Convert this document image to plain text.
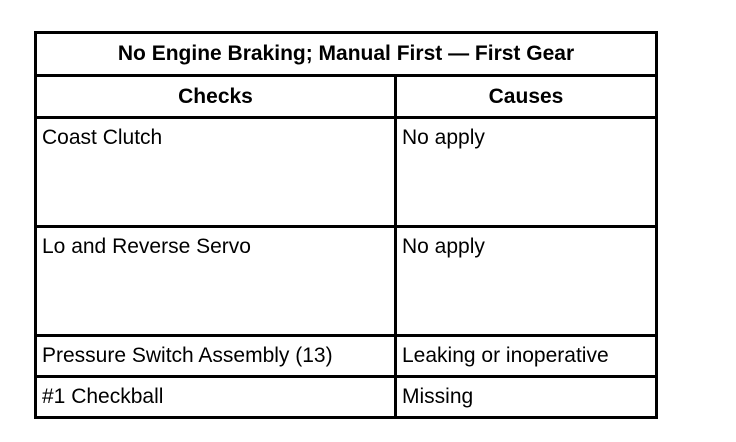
No Engine Braking; Manual First — First Gear	
Checks	Causes
Coast Clutch	No apply
Lo and Reverse Servo	No apply
Pressure Switch Assembly (13)	Leaking or inoperative
#1 Checkball	Missing
